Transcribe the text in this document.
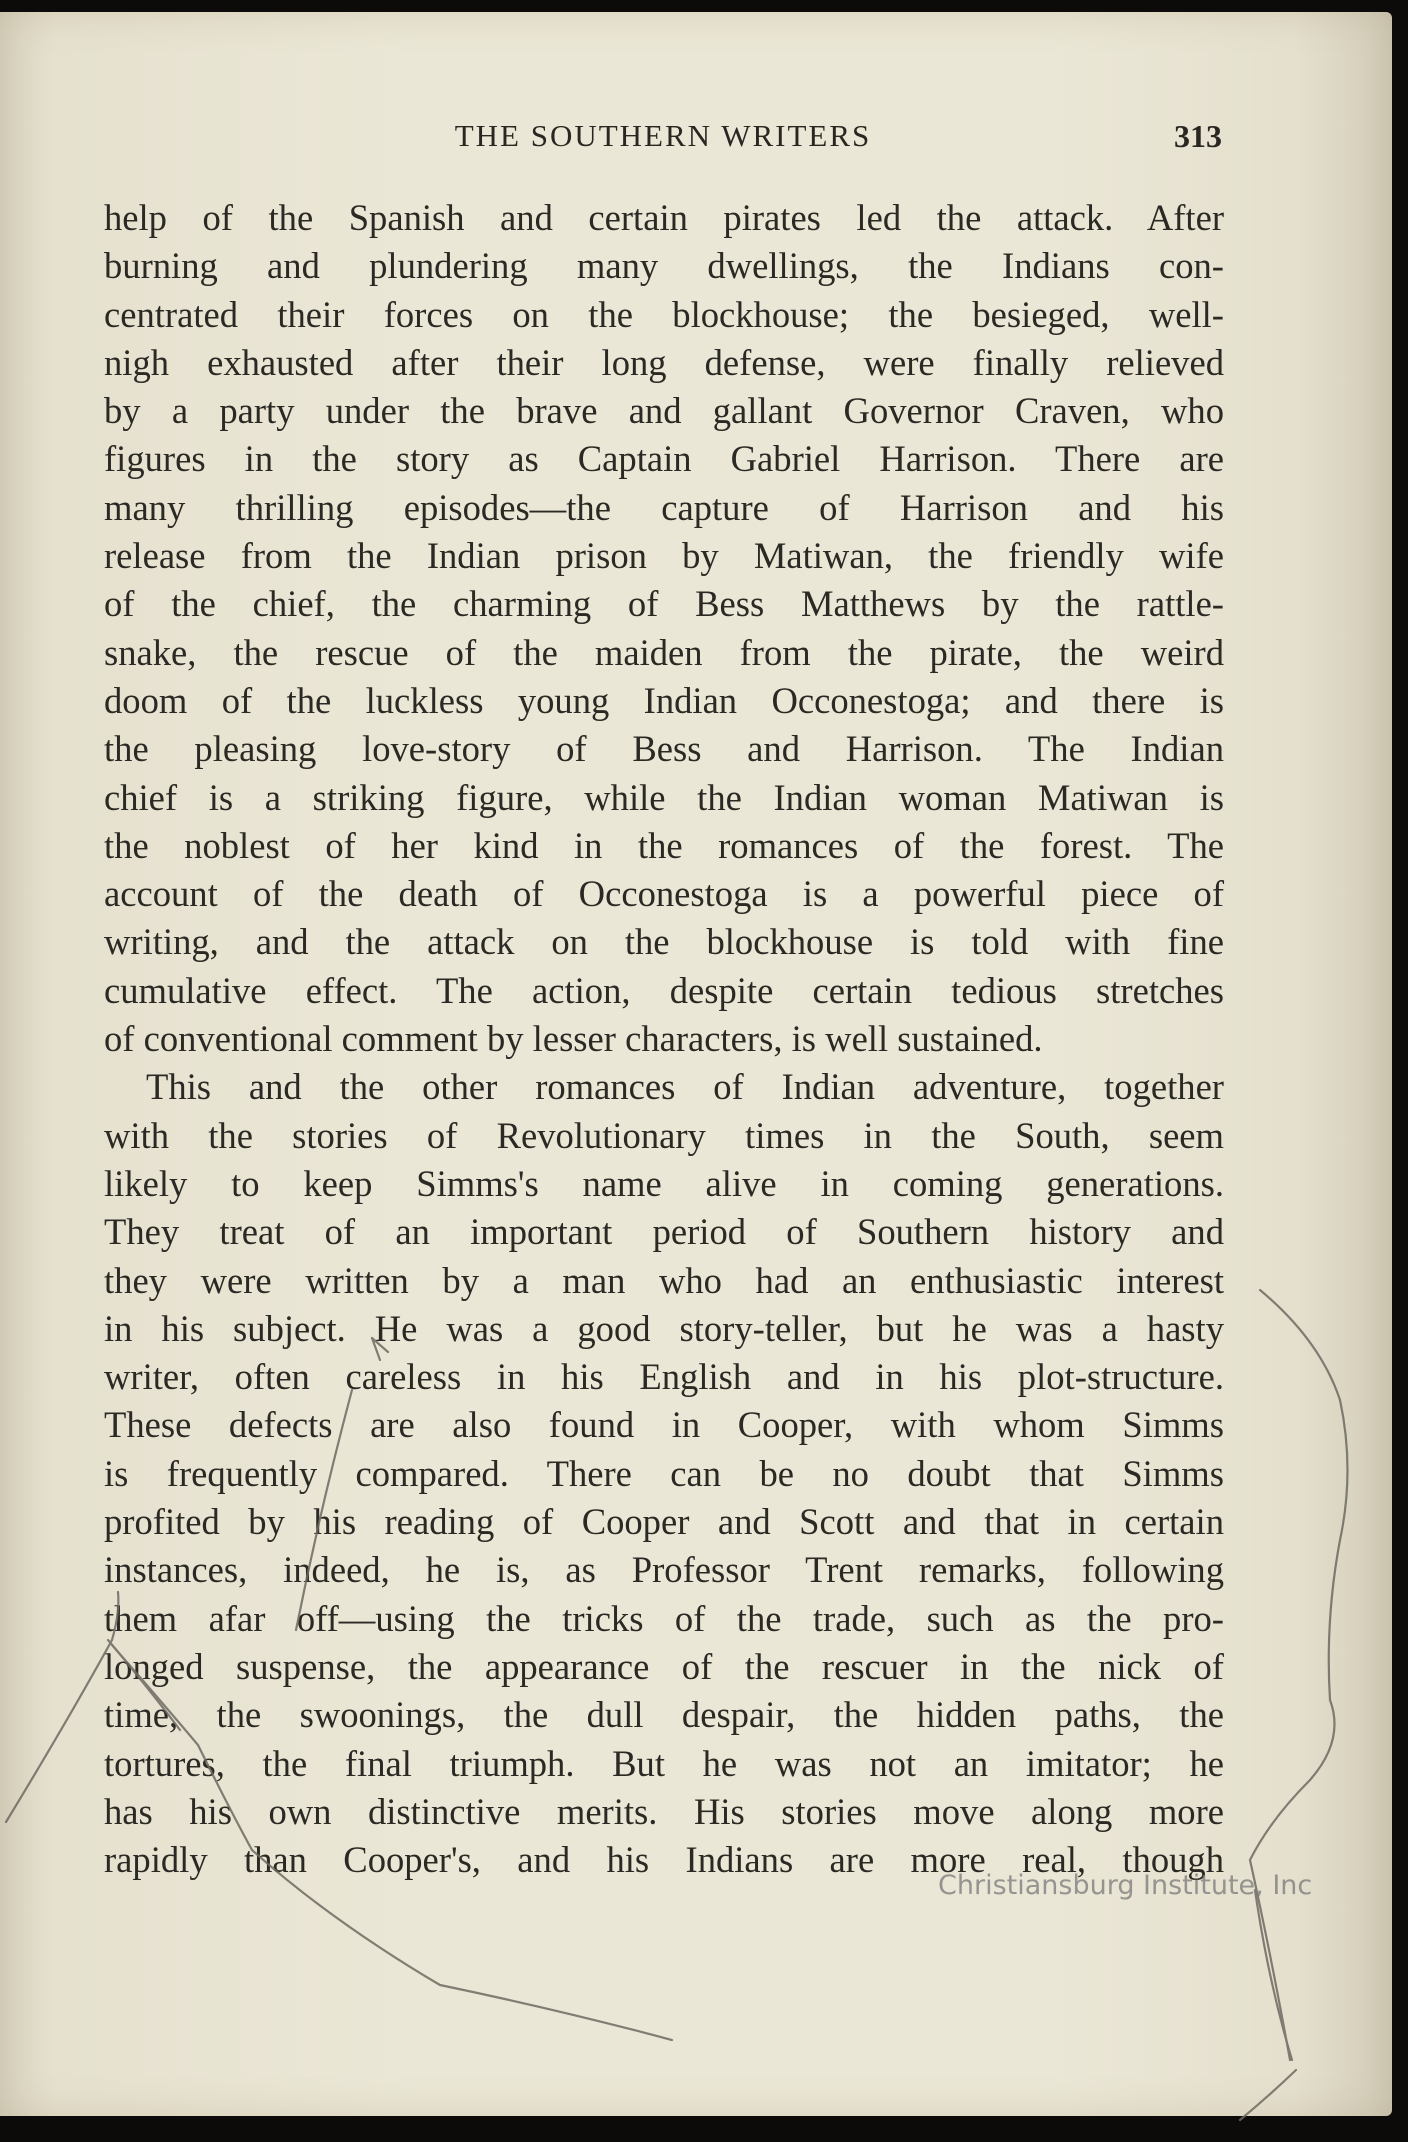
THE SOUTHERN WRITERS	313
help of the Spanish and certain pirates led the attack. After
burning and plundering many dwellings, the Indians con-
centrated their forces on the blockhouse; the besieged, well-
nigh exhausted after their long defense, were finally relieved
by a party under the brave and gallant Governor Craven, who
figures in the story as Captain Gabriel Harrison. There are
many thrilling episodes—the capture of Harrison and his
release from the Indian prison by Matiwan, the friendly wife
of the chief, the charming of Bess Matthews by the rattle-
snake, the rescue of the maiden from the pirate, the weird
doom of the luckless young Indian Occonestoga; and there is
the pleasing love-story of Bess and Harrison. The Indian
chief is a striking figure, while the Indian woman Matiwan is
the noblest of her kind in the romances of the forest. The
account of the death of Occonestoga is a powerful piece of
writing, and the attack on the blockhouse is told with fine
cumulative effect. The action, despite certain tedious stretches
of conventional comment by lesser characters, is well sustained.
This and the other romances of Indian adventure, together
with the stories of Revolutionary times in the South, seem
likely to keep Simms's name alive in coming generations.
They treat of an important period of Southern history and
they were written by a man who had an enthusiastic interest
in his subject. He was a good story-teller, but he was a hasty
writer, often careless in his English and in his plot-structure.
These defects are also found in Cooper, with whom Simms
is frequently compared. There can be no doubt that Simms
profited by his reading of Cooper and Scott and that in certain
instances, indeed, he is, as Professor Trent remarks, following
them afar off—using the tricks of the trade, such as the pro-
longed suspense, the appearance of the rescuer in the nick of
time, the swoonings, the dull despair, the hidden paths, the
tortures, the final triumph. But he was not an imitator; he
has his own distinctive merits. His stories move along more
rapidly than Cooper's, and his Indians are more real, though
Christiansburg Institute, Inc
